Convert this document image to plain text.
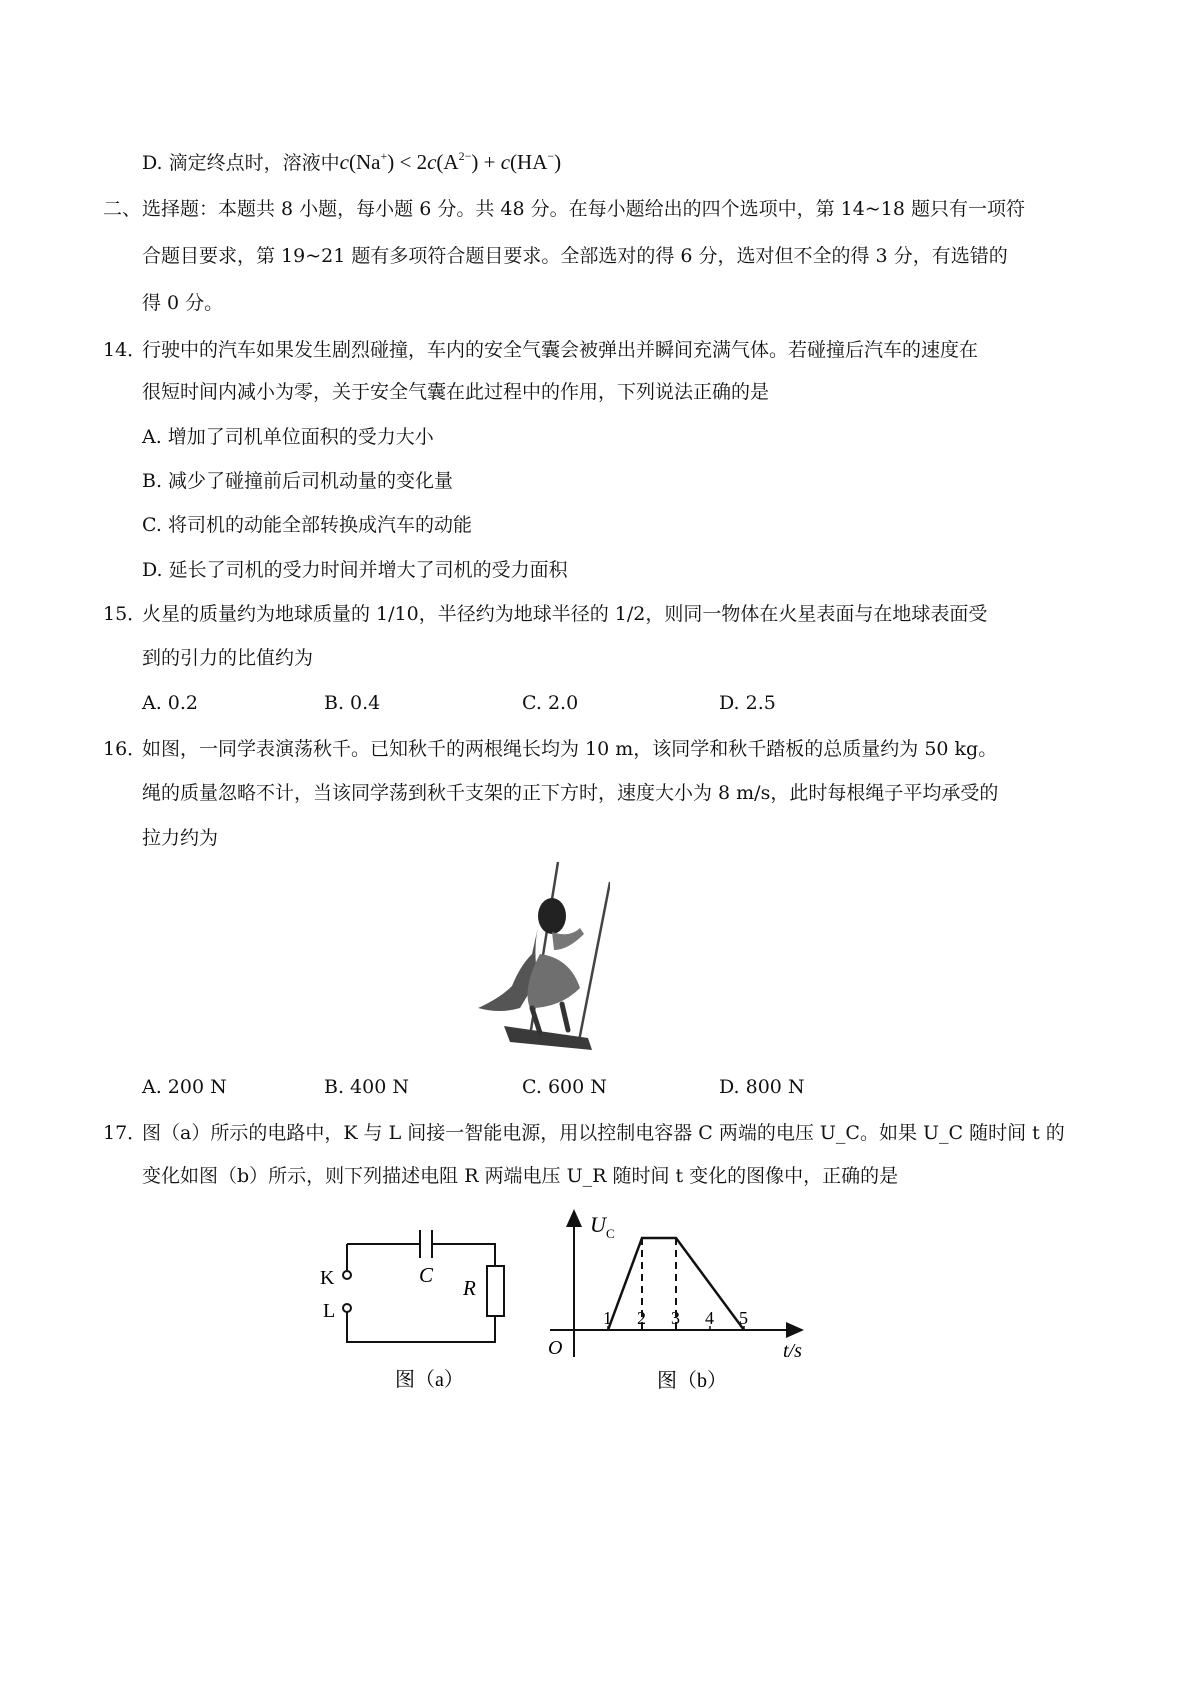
D. 滴定终点时，溶液中$c(Na^+) < 2c(A^{2-}) + c(HA^-)$
二、 选择题：本题共 8 小题，每小题 6 分。共 48 分。在每小题给出的四个选项中，第 14~18 题只有一项符
合题目要求，第 19~21 题有多项符合题目要求。全部选对的得 6 分，选对但不全的得 3 分，有选错的
得 0 分。
14．
行驶中的汽车如果发生剧烈碰撞，车内的安全气囊会被弹出并瞬间充满气体。若碰撞后汽车的速度在
很短时间内减小为零，关于安全气囊在此过程中的作用，下列说法正确的是
A. 增加了司机单位面积的受力大小
B. 减少了碰撞前后司机动量的变化量
C. 将司机的动能全部转换成汽车的动能
D. 延长了司机的受力时间并增大了司机的受力面积
15．
火星的质量约为地球质量的 1/10，半径约为地球半径的 1/2，则同一物体在火星表面与在地球表面受
到的引力的比值约为
A. 0.2	B. 0.4	C. 2.0	D. 2.5
16．
如图，一同学表演荡秋千。已知秋千的两根绳长均为 10 m，该同学和秋千踏板的总质量约为 50 kg。
绳的质量忽略不计，当该同学荡到秋千支架的正下方时，速度大小为 8 m/s，此时每根绳子平均承受的
拉力约为
A. 200 N	B. 400 N	C. 600 N	D. 800 N
17．
图（a）所示的电路中，K 与 L 间接一智能电源，用以控制电容器 C 两端的电压 U_C。如果 U_C 随时间 t 的
变化如图（b）所示，则下列描述电阻 R 两端电压 U_R 随时间 t 变化的图像中，正确的是
K
L
C
R
图（a）
U C
O	t/s
1 2 3 4 5
图（b）
